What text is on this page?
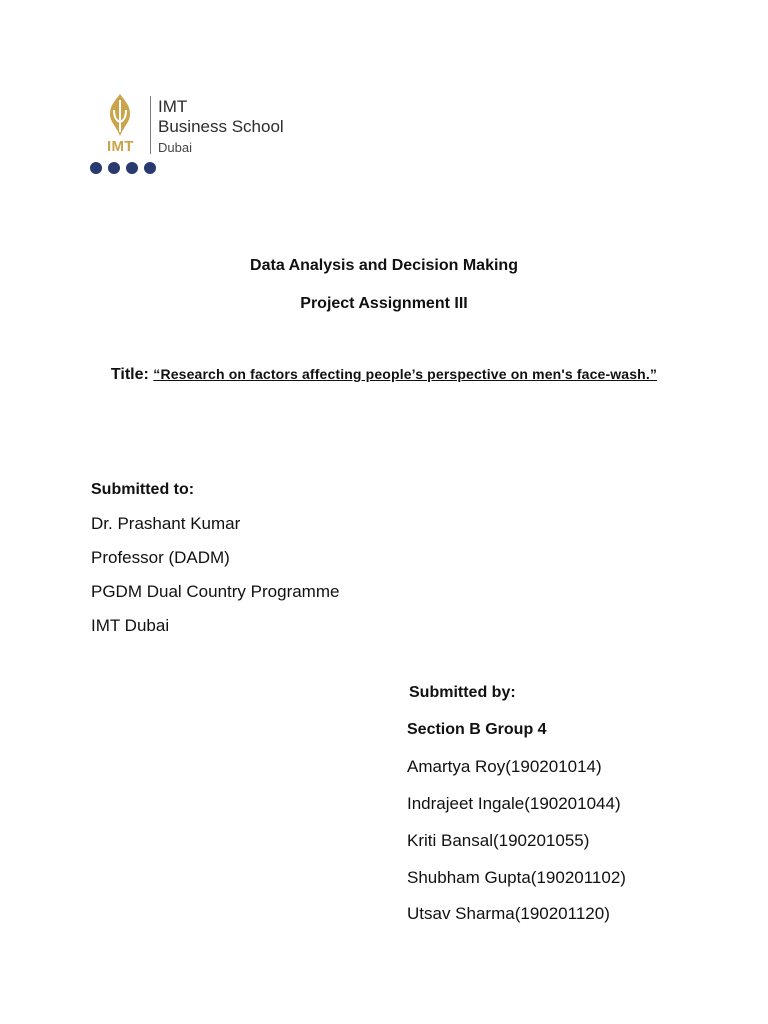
IMT
IMT
Business School
Dubai
Data Analysis and Decision Making
Project Assignment III
Title: “Research on factors affecting people’s perspective on men's face-wash.”
Submitted to:
Dr. Prashant Kumar
Professor (DADM)
PGDM Dual Country Programme
IMT Dubai
Submitted by:
Section B Group 4
Amartya Roy(190201014)
Indrajeet Ingale(190201044)
Kriti Bansal(190201055)
Shubham Gupta(190201102)
Utsav Sharma(190201120)
